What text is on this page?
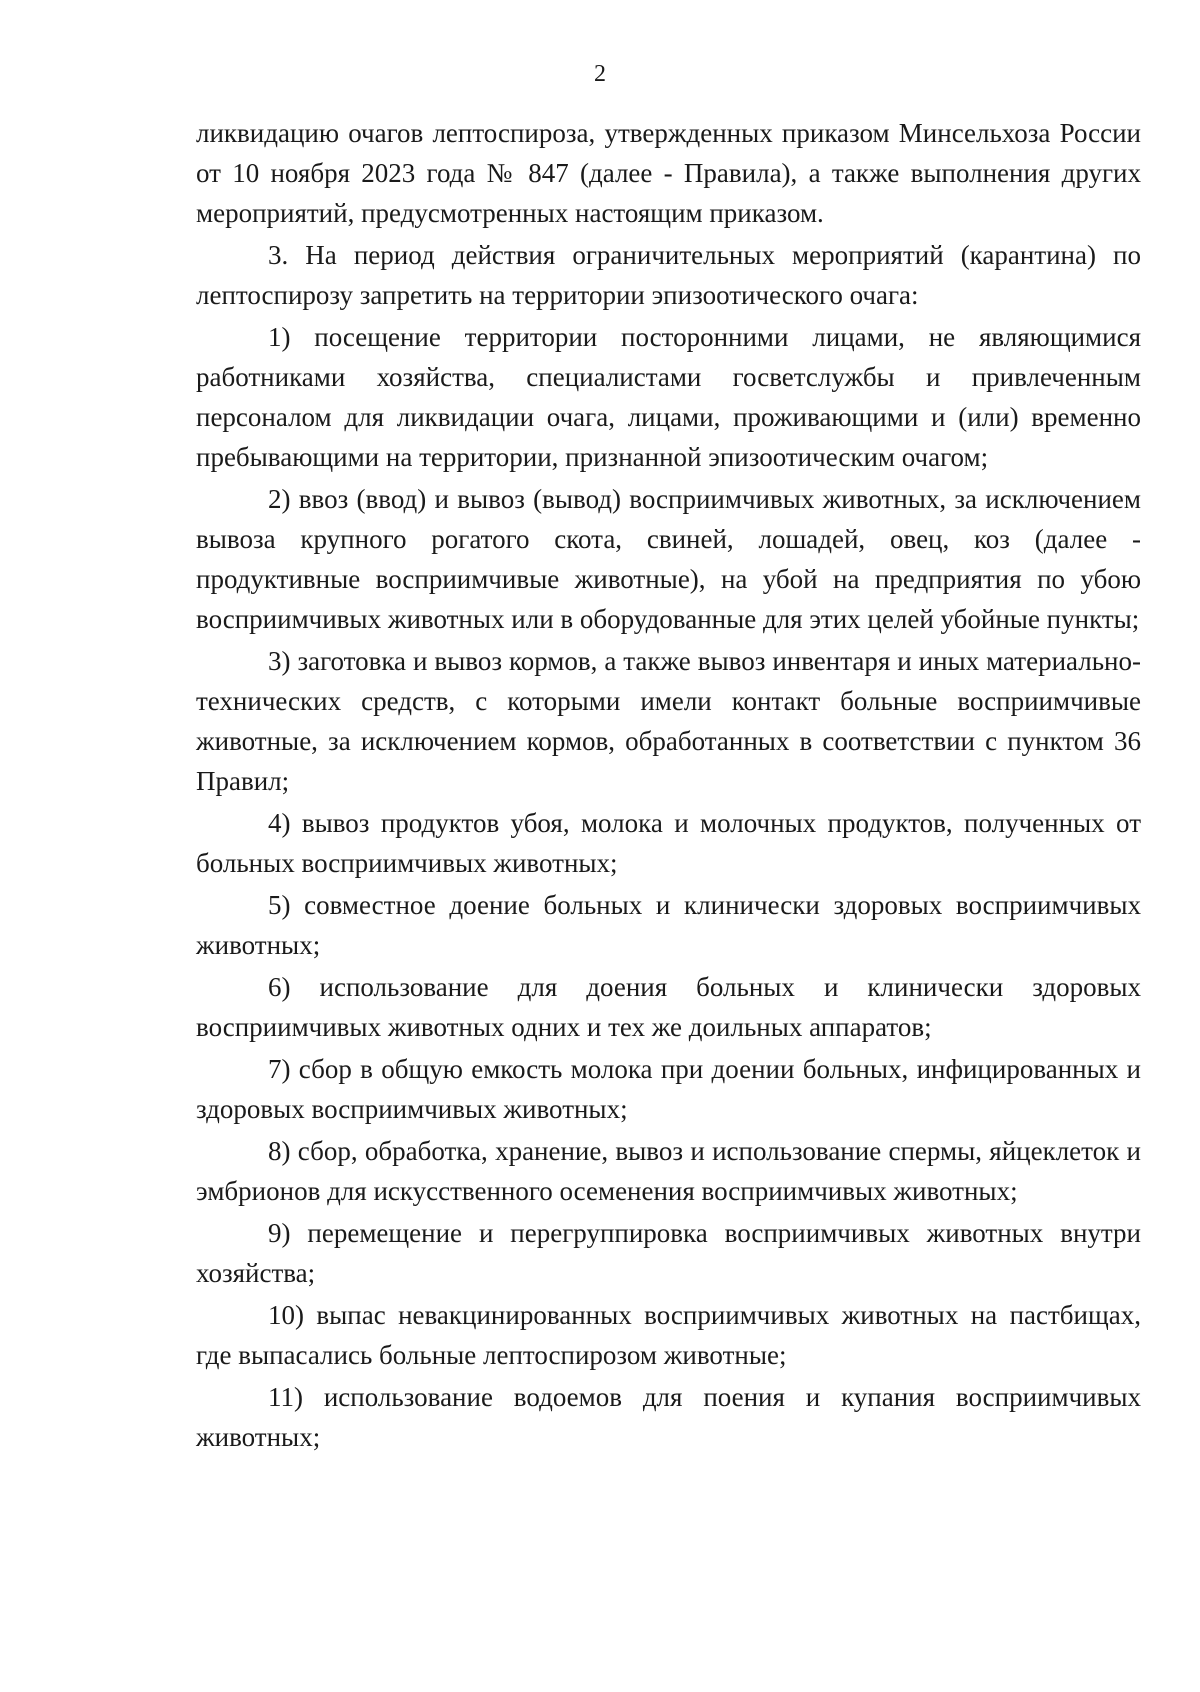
2

ликвидацию очагов лептоспироза, утвержденных приказом Минсельхоза России от 10 ноября 2023 года № 847 (далее - Правила), а также выполнения других мероприятий, предусмотренных настоящим приказом.

3. На период действия ограничительных мероприятий (карантина) по лептоспирозу запретить на территории эпизоотического очага:

1) посещение территории посторонними лицами, не являющимися работниками хозяйства, специалистами госветслужбы и привлеченным персоналом для ликвидации очага, лицами, проживающими и (или) временно пребывающими на территории, признанной эпизоотическим очагом;

2) ввоз (ввод) и вывоз (вывод) восприимчивых животных, за исключением вывоза крупного рогатого скота, свиней, лошадей, овец, коз (далее - продуктивные восприимчивые животные), на убой на предприятия по убою восприимчивых животных или в оборудованные для этих целей убойные пункты;

3) заготовка и вывоз кормов, а также вывоз инвентаря и иных материально-технических средств, с которыми имели контакт больные восприимчивые животные, за исключением кормов, обработанных в соответствии с пунктом 36 Правил;

4) вывоз продуктов убоя, молока и молочных продуктов, полученных от больных восприимчивых животных;

5) совместное доение больных и клинически здоровых восприимчивых животных;

6) использование для доения больных и клинически здоровых восприимчивых животных одних и тех же доильных аппаратов;

7) сбор в общую емкость молока при доении больных, инфицированных и здоровых восприимчивых животных;

8) сбор, обработка, хранение, вывоз и использование спермы, яйцеклеток и эмбрионов для искусственного осеменения восприимчивых животных;

9) перемещение и перегруппировка восприимчивых животных внутри хозяйства;

10) выпас невакцинированных восприимчивых животных на пастбищах, где выпасались больные лептоспирозом животные;

11) использование водоемов для поения и купания восприимчивых животных;
